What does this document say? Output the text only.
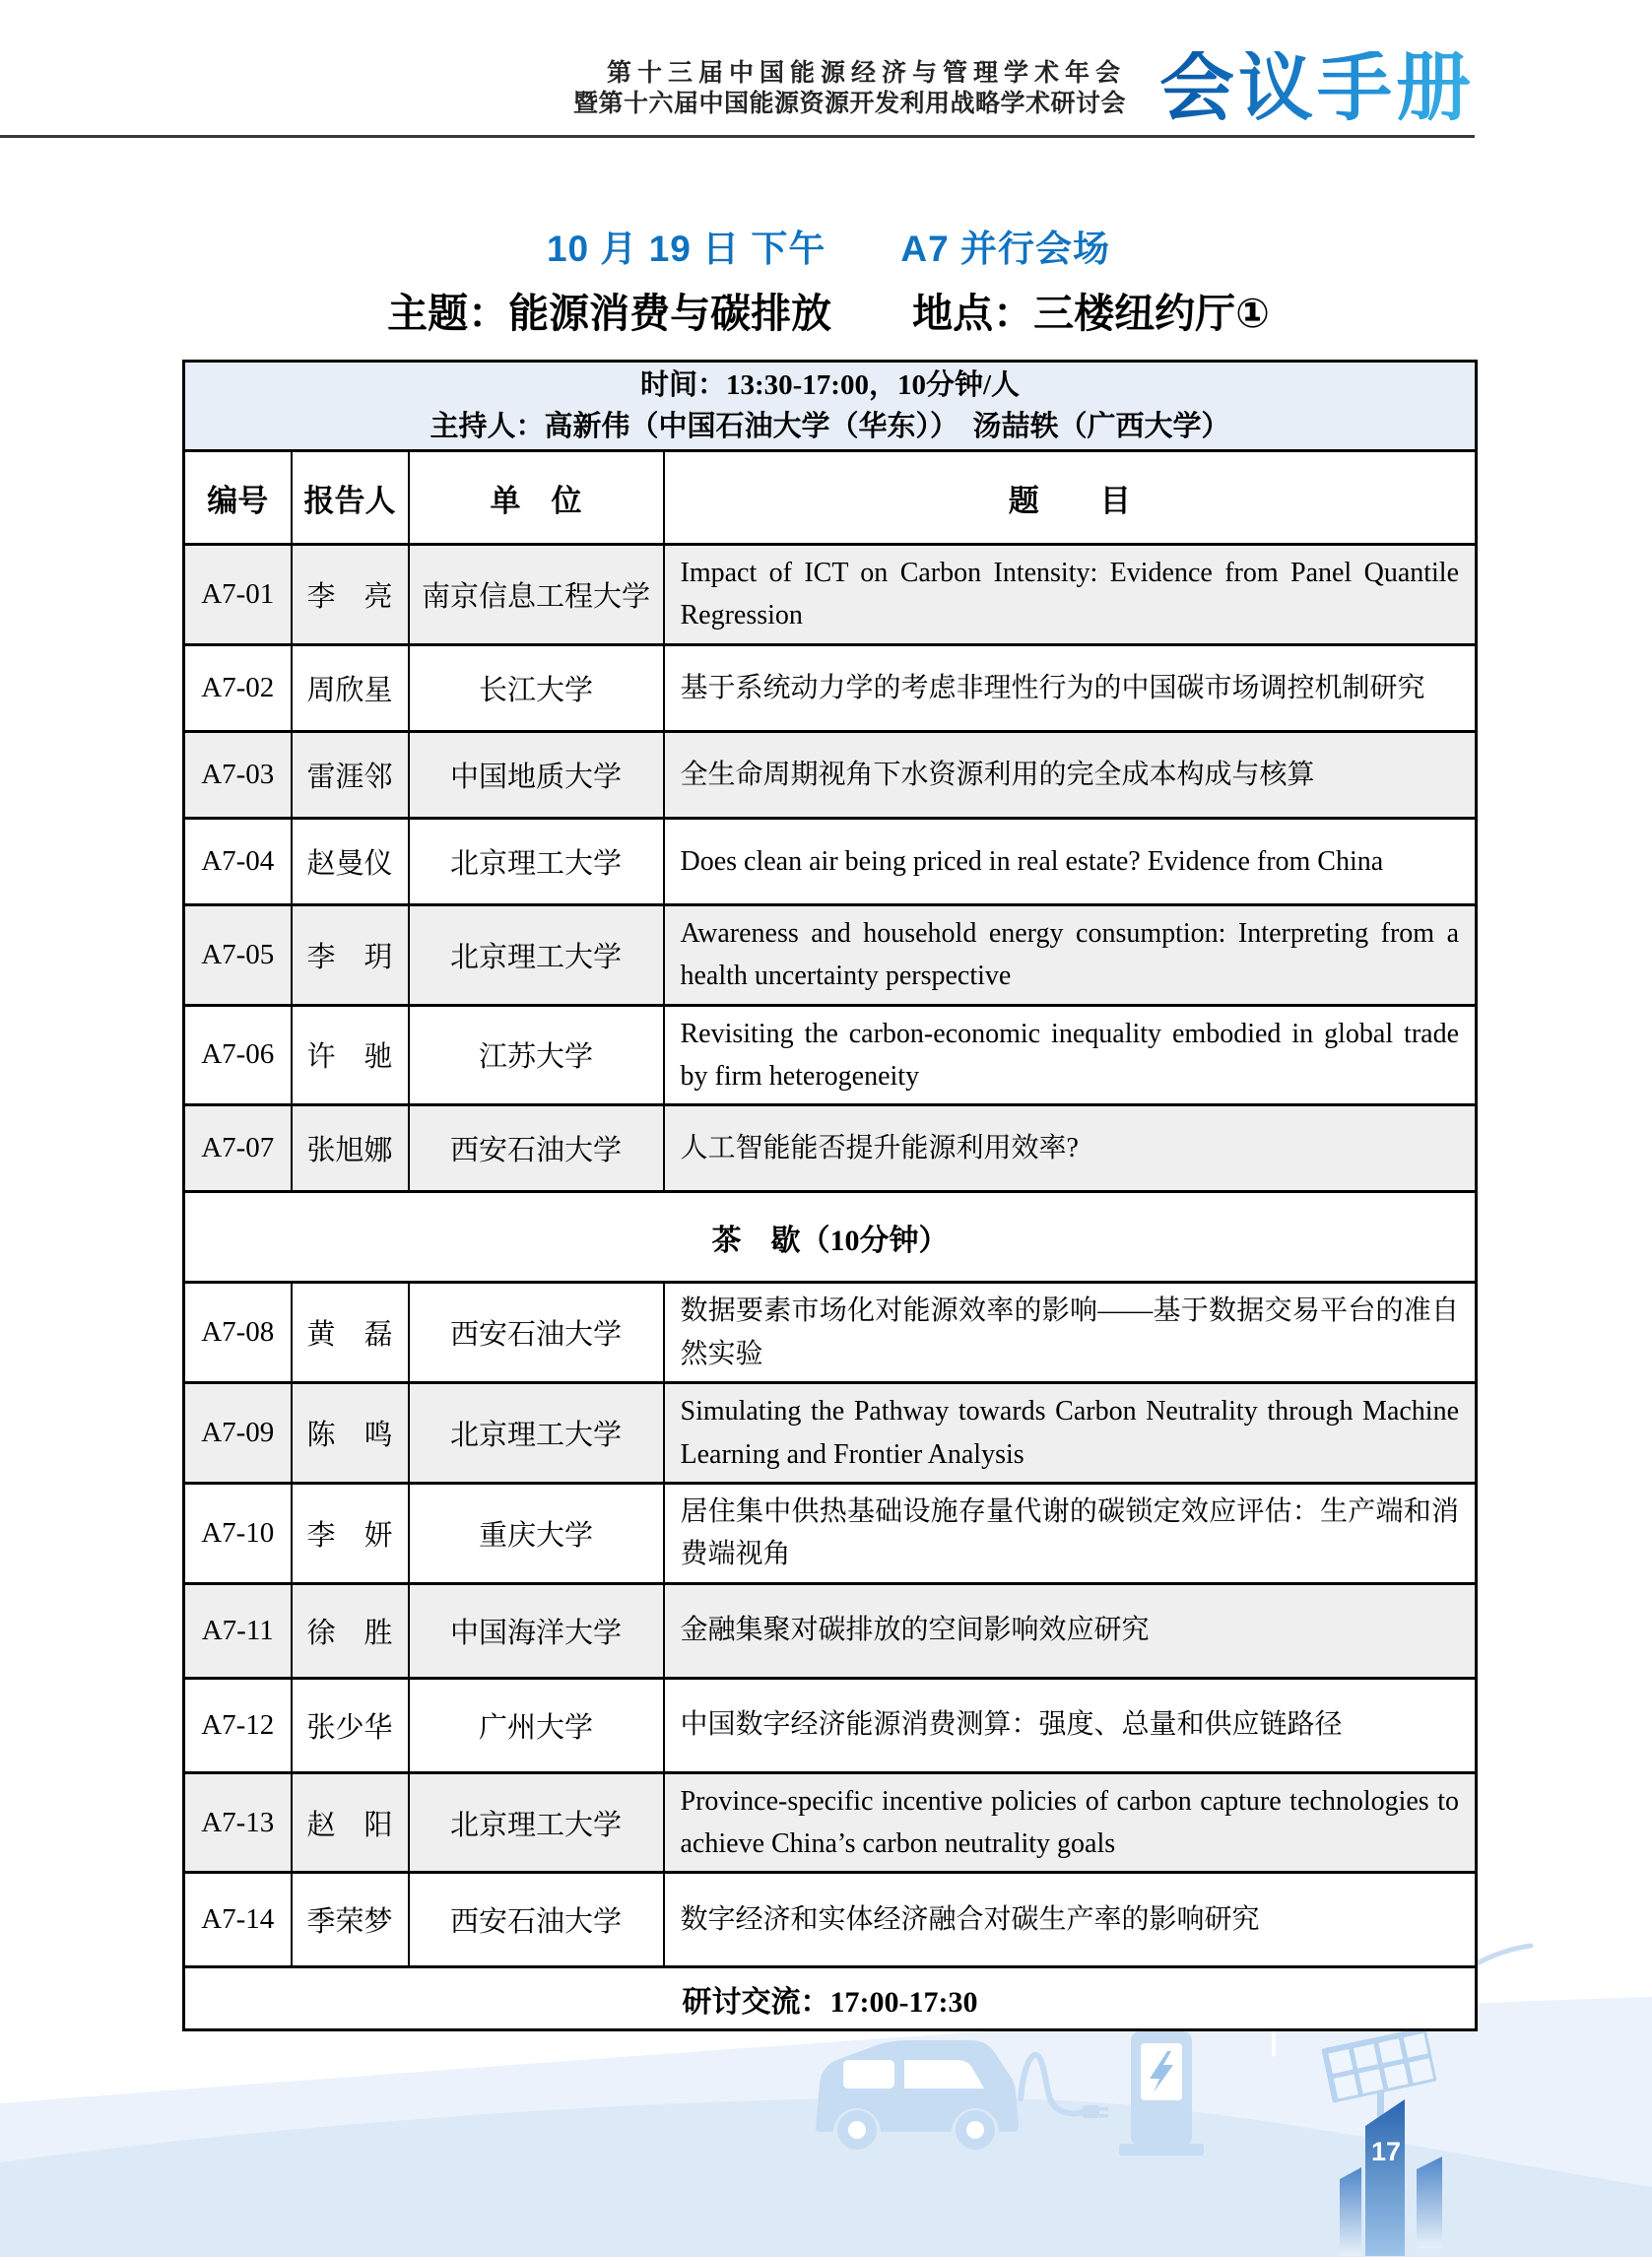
第十三届中国能源经济与管理学术年会
暨第十六届中国能源资源开发利用战略学术研讨会 会议手册
10 月 19 日 下午　　A7 并行会场
主题：能源消费与碳排放　　地点：三楼纽约厅①
时间：13:30-17:00，10分钟/人
主持人：高新伟（中国石油大学（华东））　汤喆轶（广西大学）			

编号	报告人	单　位	题　　目
A7-01	李　亮	南京信息工程大学	Impact of ICT on Carbon Intensity: Evidence from Panel Quantile Regression
A7-02	周欣星	长江大学	基于系统动力学的考虑非理性行为的中国碳市场调控机制研究
A7-03	雷涯邻	中国地质大学	全生命周期视角下水资源利用的完全成本构成与核算
A7-04	赵曼仪	北京理工大学	Does clean air being priced in real estate? Evidence from China
A7-05	李　玥	北京理工大学	Awareness and household energy consumption: Interpreting from a health uncertainty perspective
A7-06	许　驰	江苏大学	Revisiting the carbon-economic inequality embodied in global trade by firm heterogeneity
A7-07	张旭娜	西安石油大学	人工智能能否提升能源利用效率?
茶　歇（10分钟）			
A7-08	黄　磊	西安石油大学	数据要素市场化对能源效率的影响——基于数据交易平台的准自然实验
A7-09	陈　鸣	北京理工大学	Simulating the Pathway towards Carbon Neutrality through Machine Learning and Frontier Analysis
A7-10	李　妍	重庆大学	居住集中供热基础设施存量代谢的碳锁定效应评估：生产端和消费端视角
A7-11	徐　胜	中国海洋大学	金融集聚对碳排放的空间影响效应研究
A7-12	张少华	广州大学	中国数字经济能源消费测算：强度、总量和供应链路径
A7-13	赵　阳	北京理工大学	Province-specific incentive policies of carbon capture technologies to achieve China’s carbon neutrality goals
A7-14	季荣梦	西安石油大学	数字经济和实体经济融合对碳生产率的影响研究
研讨交流：17:00-17:30			
17
